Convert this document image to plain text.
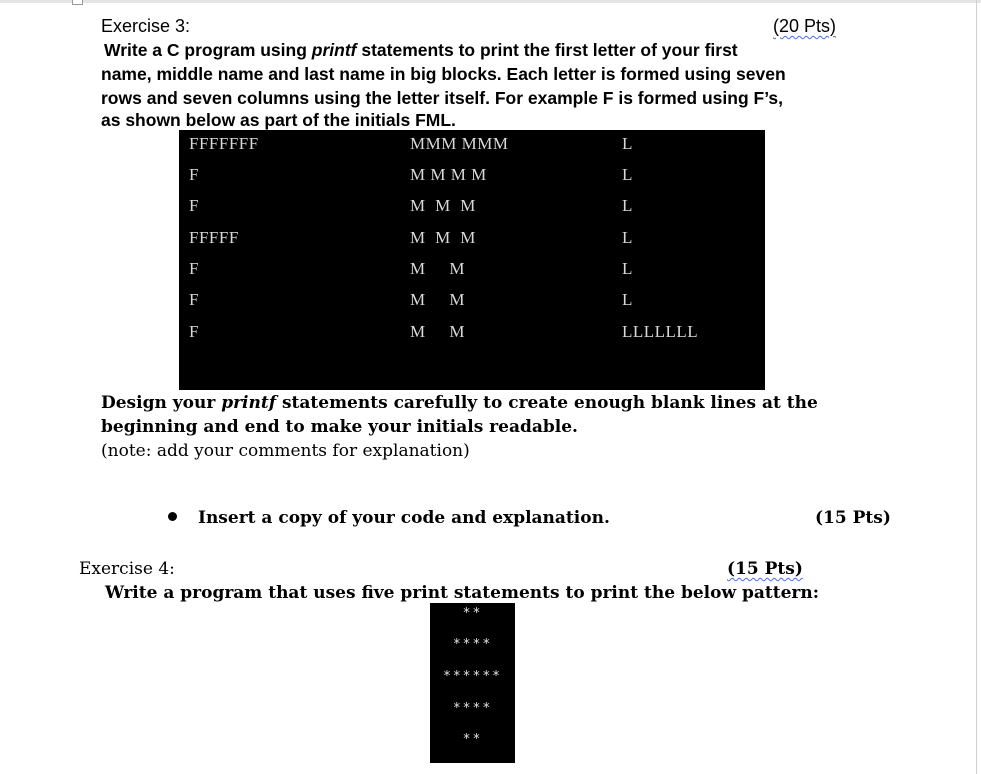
Exercise 3:	(20 Pts)
Write a C program using printf statements to print the first letter of your first
name, middle name and last name in big blocks. Each letter is formed using seven
rows and seven columns using the letter itself. For example F is formed using F’s,
as shown below as part of the initials FML.
FFFFFFF	MMM MMM	L
F	M M M M	L
F	M  M  M	L
FFFFF	M  M  M	L
F	M     M	L
F	M     M	L
F	M     M	LLLLLLL
Design your printf statements carefully to create enough blank lines at the
beginning and end to make your initials readable.
(note: add your comments for explanation)
Insert a copy of your code and explanation.	(15 Pts)
Exercise 4:	(15 Pts)
Write a program that uses five print statements to print the below pattern:
**
****
******
****
**
